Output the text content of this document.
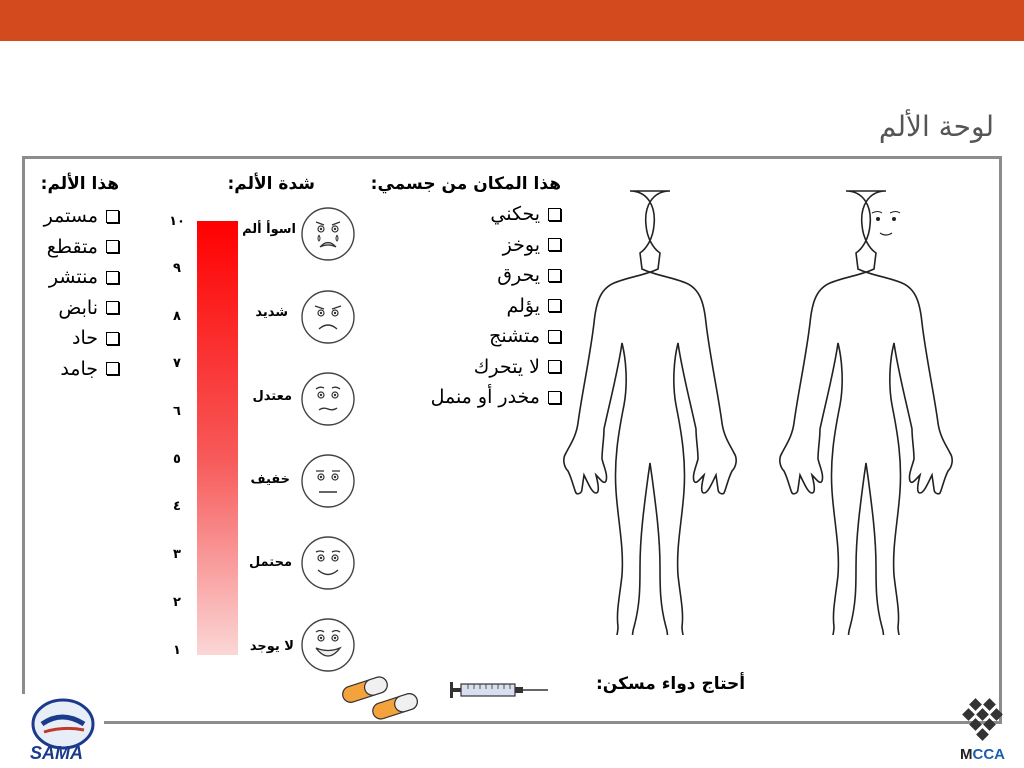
لوحة الألم
هذا الألم:
مستمر
متقطع
منتشر
نابض
حاد
جامد
شدة الألم:
١٠
٩
٨
٧
٦
٥
٤
٣
٢
١
اسوأ ألم
شديد
معتدل
خفيف
محتمل
لا يوجد
هذا المكان من جسمي:
يحكني
يوخز
يحرق
يؤلم
متشنج
لا يتحرك
مخدر أو منمل
أحتاج دواء مسكن:
SAMA	MCCA
